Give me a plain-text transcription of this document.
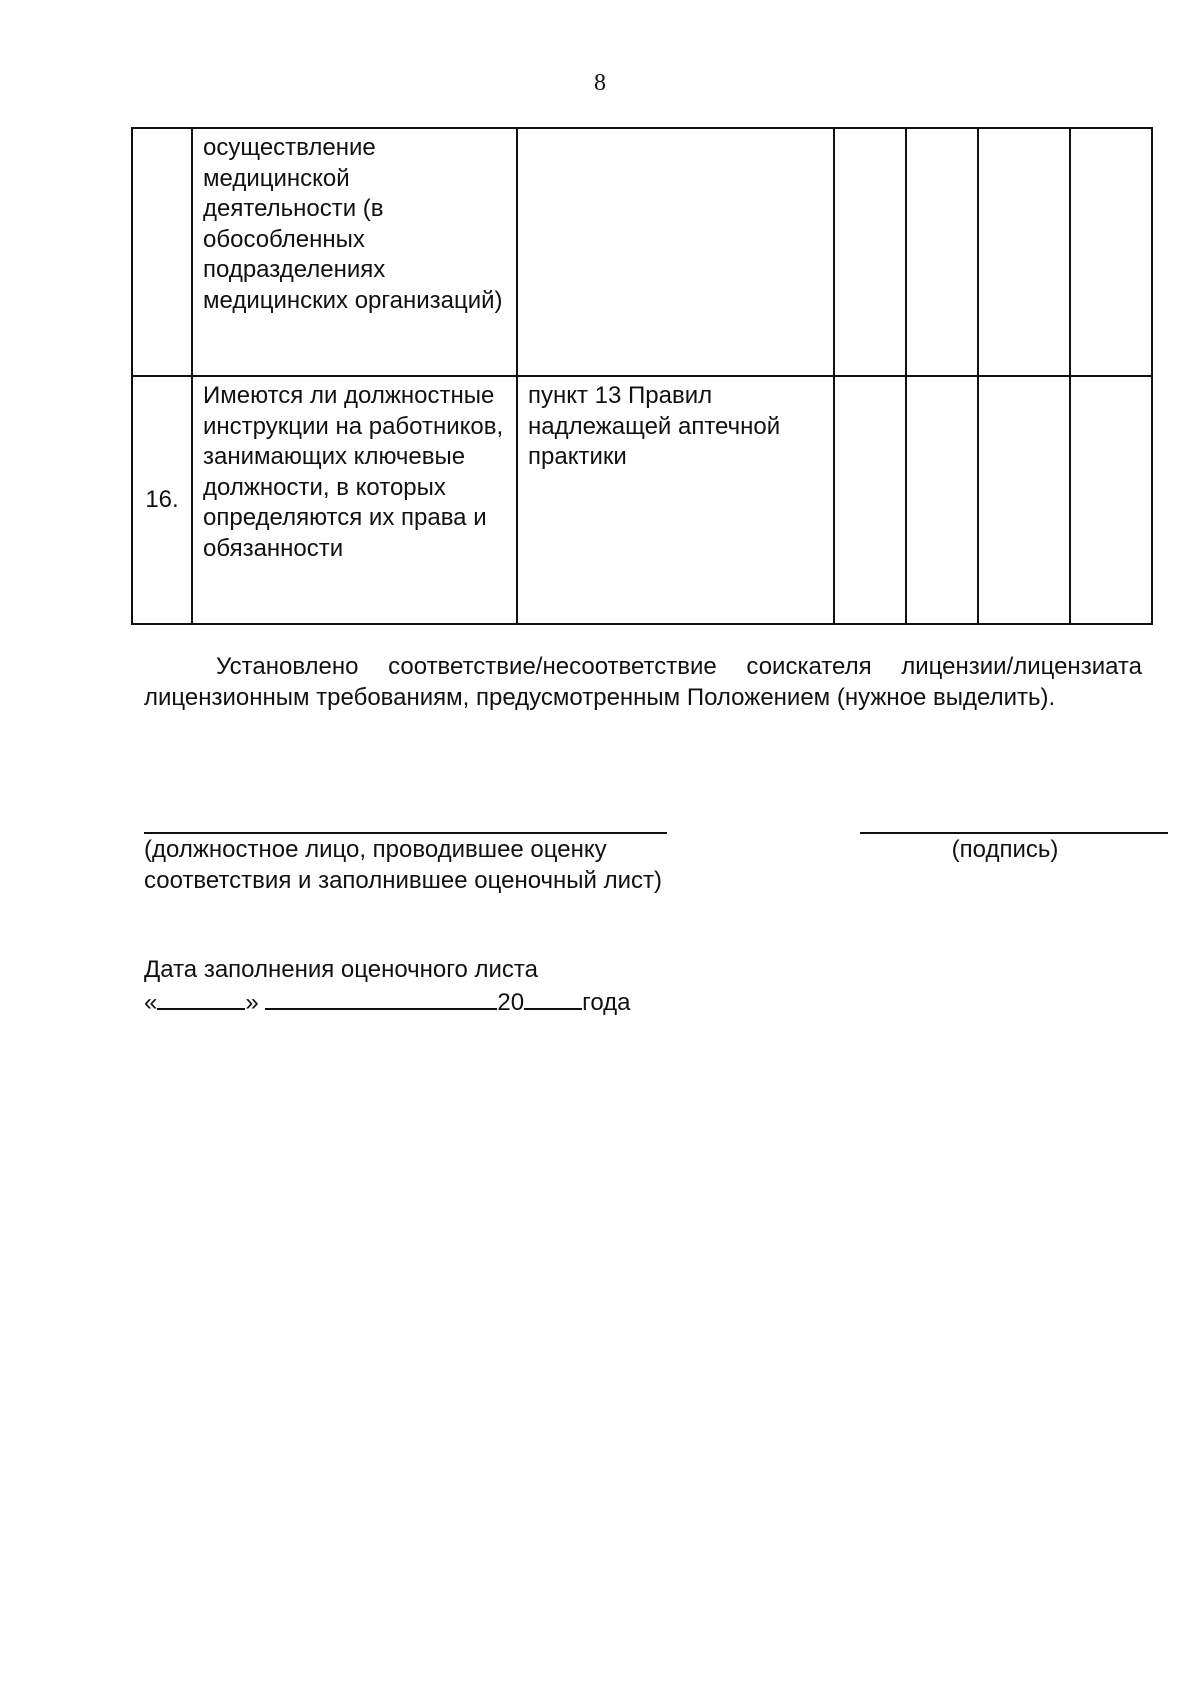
8
	осуществление медицинской деятельности (в обособленных подразделениях медицинских организаций)					
16.	Имеются ли должностные инструкции на работников, занимающих ключевые должности, в которых определяются их права и обязанности	пункт 13 Правил надлежащей аптечной практики				

Установлено соответствие/несоответствие соискателя лицензии/лицензиата лицензионным требованиям, предусмотренным Положением (нужное выделить).

(должностное лицо, проводившее оценку соответствия и заполнившее оценочный лист)

(подпись)
Дата заполнения оценочного листа
«	»	20 года
